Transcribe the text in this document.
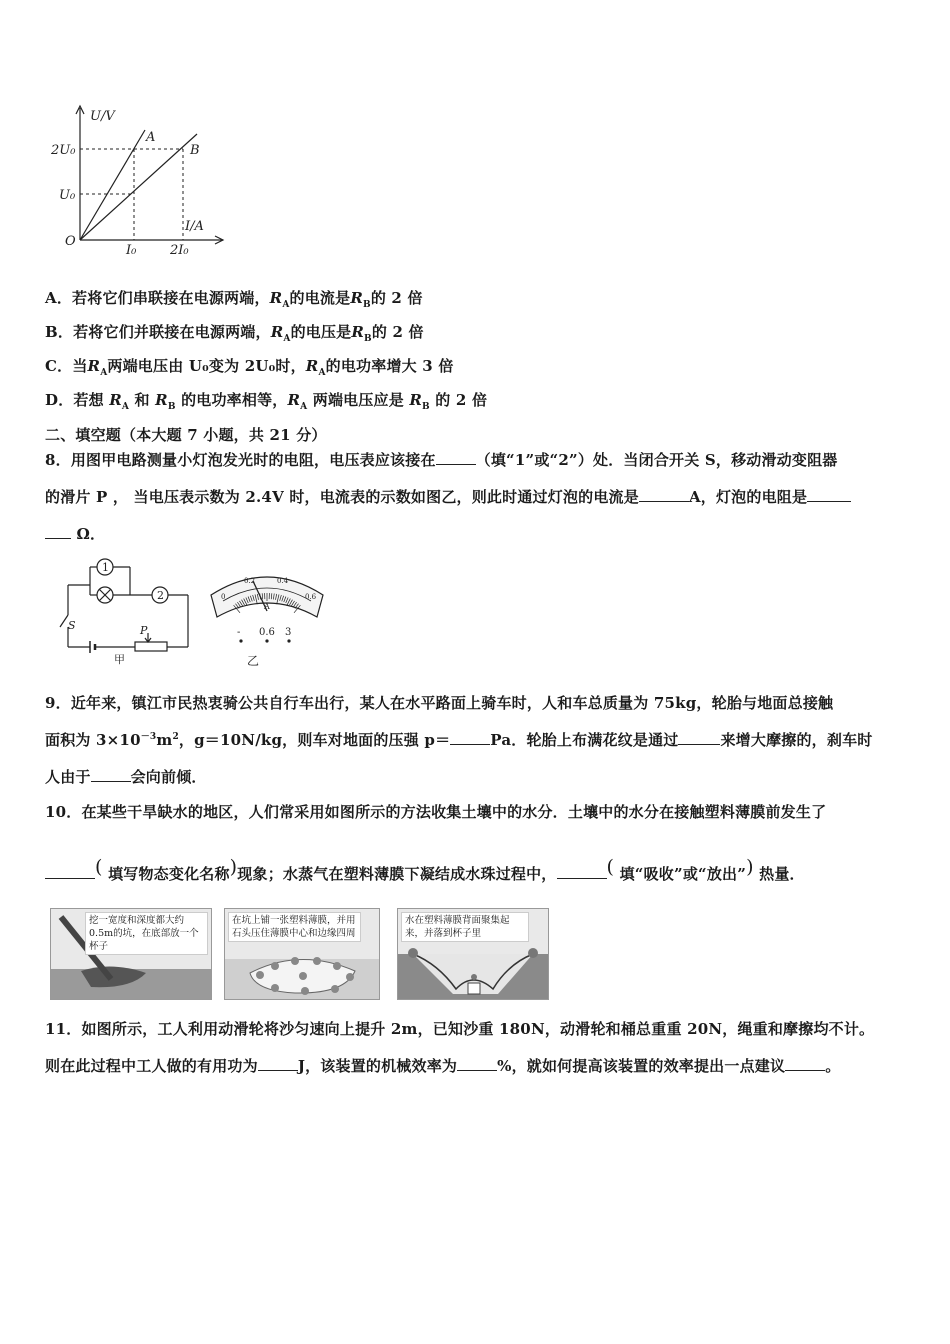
U/V
I/A
O
2U₀
U₀
I₀	2I₀
A
B
A．若将它们串联接在电源两端，$R_A$的电流是$R_B$的 2 倍
B．若将它们并联接在电源两端，$R_A$的电压是$R_B$的 2 倍
C．当$R_A$两端电压由 U₀变为 2U₀时，$R_A$的电功率增大 3 倍
D．若想 $R_A$ 和 $R_B$ 的电功率相等，$R_A$ 两端电压应是 $R_B$ 的 2 倍
二、填空题（本大题 7 小题，共 21 分）
8．用图甲电路测量小灯泡发光时的电阻，电压表应该接在	（填“1”或“2”）处．当闭合开关 S，移动滑动变阻器
的滑片 P ， 当电压表示数为 2.4V 时，电流表的示数如图乙，则此时通过灯泡的电流是	A，灯泡的电阻是
Ω．
1
2
S	P
甲
0
0.2	0.4
0.6
A
- 0.6 3
乙
9．近年来，镇江市民热衷骑公共自行车出行，某人在水平路面上骑车时，人和车总质量为 75kg，轮胎与地面总接触
面积为 $3\times 10^{-3}m^2$，g＝10N/kg，则车对地面的压强 p＝	Pa．轮胎上布满花纹是通过	来增大摩擦的，刹车时
人由于	会向前倾．
10．在某些干旱缺水的地区，人们常采用如图所示的方法收集土壤中的水分．土壤中的水分在接触塑料薄膜前发生了
( 填写物态变化名称)现象；水蒸气在塑料薄膜下凝结成水珠过程中，	( 填“吸收”或“放出”) 热量．
挖一宽度和深度都大约0.5m的坑，在底部放一个杯子
在坑上铺一张塑料薄膜，并用石头压住薄膜中心和边缘四周
水在塑料薄膜背面聚集起来，并落到杯子里
11．如图所示，工人利用动滑轮将沙匀速向上提升 2m，已知沙重 180N，动滑轮和桶总重重 20N，绳重和摩擦均不计。
则在此过程中工人做的有用功为	J，该装置的机械效率为	%，就如何提高该装置的效率提出一点建议	。
